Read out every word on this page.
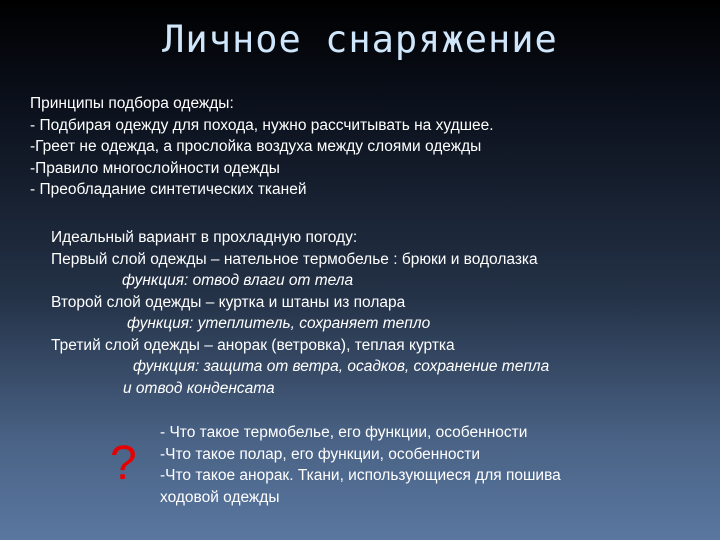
Личное снаряжение
Принципы подбора одежды:
- Подбирая одежду для похода, нужно рассчитывать на худшее.
-Греет не одежда, а прослойка воздуха между слоями одежды
-Правило многослойности одежды
- Преобладание синтетических тканей
Идеальный вариант в прохладную погоду:
Первый слой одежды – нательное термобелье : брюки и водолазка
функция: отвод влаги от тела
Второй слой одежды – куртка и штаны из полара
функция: утеплитель, сохраняет тепло
Третий слой одежды – анорак (ветровка), теплая куртка
функция: защита от ветра, осадков, сохранение тепла
и отвод конденсата
?
- Что такое термобелье, его функции, особенности
-Что такое полар, его функции, особенности
-Что такое анорак. Ткани, использующиеся для пошива
ходовой одежды
